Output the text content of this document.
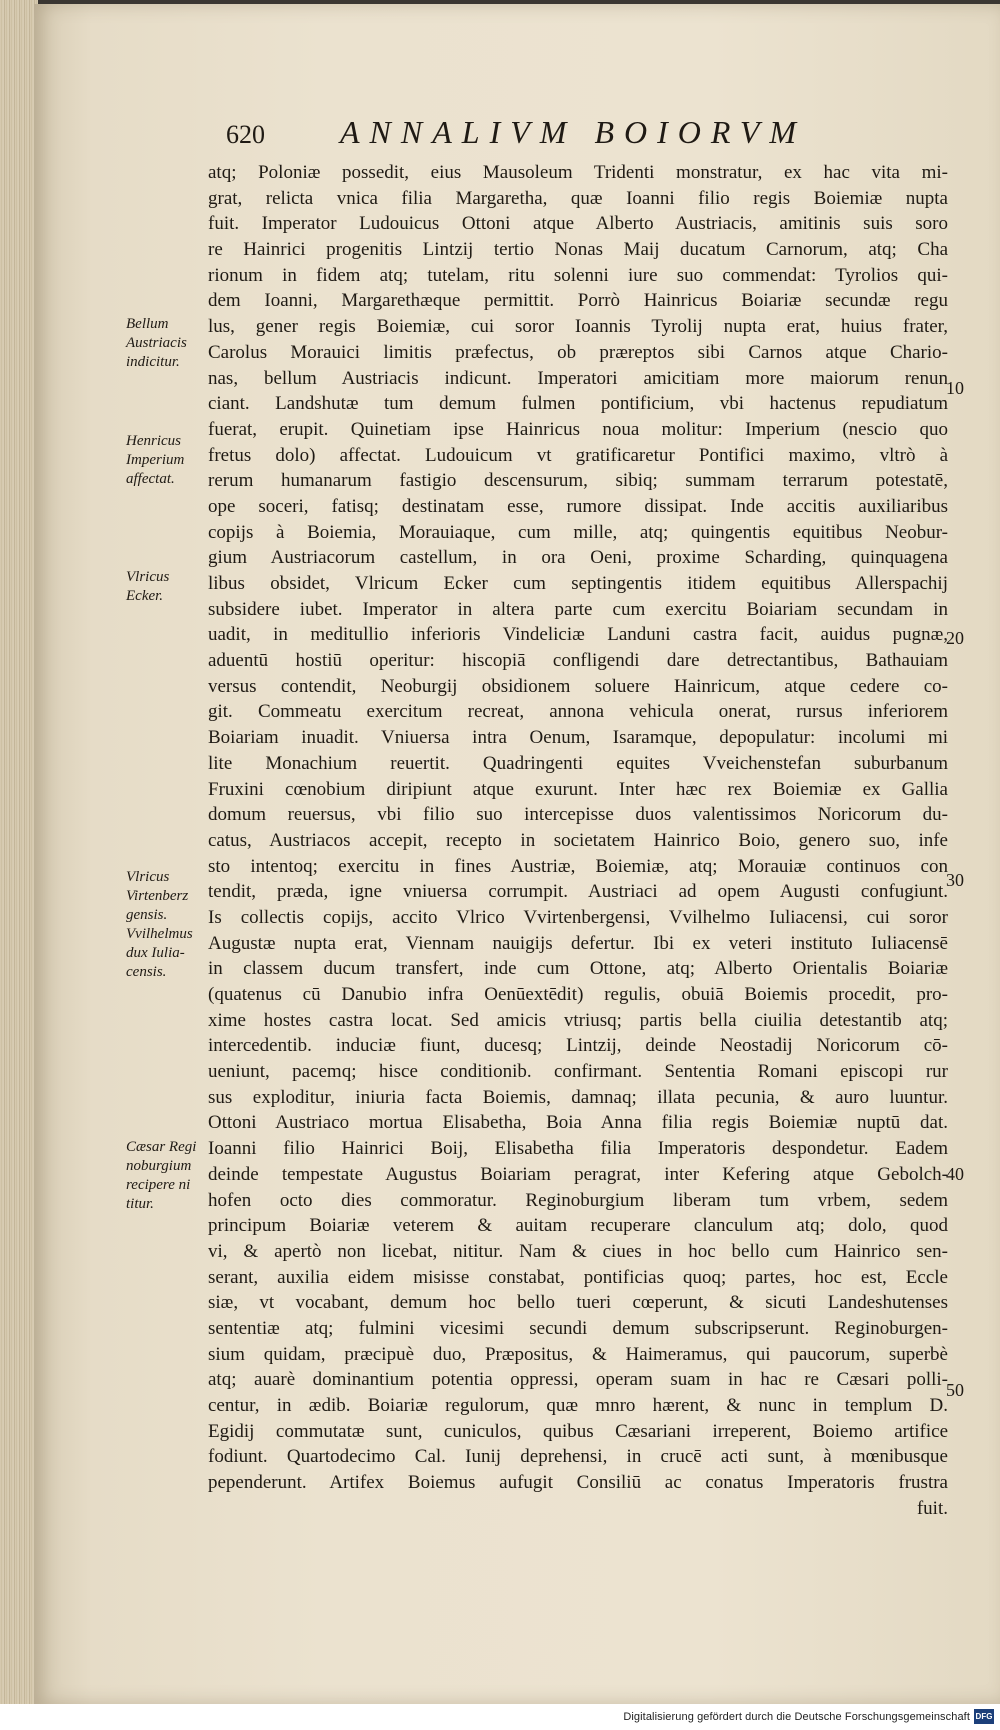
620 ANNALIVM BOIORVM
atq; Poloniæ possedit, eius Mausoleum Tridenti monstratur, ex hac vita mi-
grat, relicta vnica filia Margaretha, quæ Ioanni filio regis Boiemiæ nupta
fuit. Imperator Ludouicus Ottoni atque Alberto Austriacis, amitinis suis soro
re Hainrici progenitis Lintzij tertio Nonas Maij ducatum Carnorum, atq; Cha
rionum in fidem atq; tutelam, ritu solenni iure suo commendat: Tyrolios qui-
dem Ioanni, Margarethæque permittit. Porrò Hainricus Boiariæ secundæ regu
lus, gener regis Boiemiæ, cui soror Ioannis Tyrolij nupta erat, huius frater,
Carolus Morauici limitis præfectus, ob præreptos sibi Carnos atque Chario-
nas, bellum Austriacis indicunt. Imperatori amicitiam more maiorum renun
ciant. Landshutæ tum demum fulmen pontificium, vbi hactenus repudiatum
fuerat, erupit. Quinetiam ipse Hainricus noua molitur: Imperium (nescio quo
fretus dolo) affectat. Ludouicum vt gratificaretur Pontifici maximo, vltrò à
rerum humanarum fastigio descensurum, sibiq; summam terrarum potestatē,
ope soceri, fatisq; destinatam esse, rumore dissipat. Inde accitis auxiliaribus
copijs à Boiemia, Morauiaque, cum mille, atq; quingentis equitibus Neobur-
gium Austriacorum castellum, in ora Oeni, proxime Scharding, quinquagena
libus obsidet, Vlricum Ecker cum septingentis itidem equitibus Allerspachij
subsidere iubet. Imperator in altera parte cum exercitu Boiariam secundam in
uadit, in meditullio inferioris Vindeliciæ Landuni castra facit, auidus pugnæ,
aduentū hostiū operitur: hiscopiā confligendi dare detrectantibus, Bathauiam
versus contendit, Neoburgij obsidionem soluere Hainricum, atque cedere co-
git. Commeatu exercitum recreat, annona vehicula onerat, rursus inferiorem
Boiariam inuadit. Vniuersa intra Oenum, Isaramque, depopulatur: incolumi mi
lite Monachium reuertit. Quadringenti equites Vveichenstefan suburbanum
Fruxini cœnobium diripiunt atque exurunt. Inter hæc rex Boiemiæ ex Gallia
domum reuersus, vbi filio suo intercepisse duos valentissimos Noricorum du-
catus, Austriacos accepit, recepto in societatem Hainrico Boio, genero suo, infe
sto intentoq; exercitu in fines Austriæ, Boiemiæ, atq; Morauiæ continuos con
tendit, præda, igne vniuersa corrumpit. Austriaci ad opem Augusti confugiunt.
Is collectis copijs, accito Vlrico Vvirtenbergensi, Vvilhelmo Iuliacensi, cui soror
Augustæ nupta erat, Viennam nauigijs defertur. Ibi ex veteri instituto Iuliacensē
in classem ducum transfert, inde cum Ottone, atq; Alberto Orientalis Boiariæ
(quatenus cū Danubio infra Oenūextēdit) regulis, obuiā Boiemis procedit, pro-
xime hostes castra locat. Sed amicis vtriusq; partis bella ciuilia detestantib atq;
intercedentib. induciæ fiunt, ducesq; Lintzij, deinde Neostadij Noricorum cō-
ueniunt, pacemq; hisce conditionib. confirmant. Sententia Romani episcopi rur
sus exploditur, iniuria facta Boiemis, damnaq; illata pecunia, & auro luuntur.
Ottoni Austriaco mortua Elisabetha, Boia Anna filia regis Boiemiæ nuptū dat.
Ioanni filio Hainrici Boij, Elisabetha filia Imperatoris despondetur. Eadem
deinde tempestate Augustus Boiariam peragrat, inter Kefering atque Gebolch-
hofen octo dies commoratur. Reginoburgium liberam tum vrbem, sedem
principum Boiariæ veterem & auitam recuperare clanculum atq; dolo, quod
vi, & apertò non licebat, nititur. Nam & ciues in hoc bello cum Hainrico sen-
serant, auxilia eidem misisse constabat, pontificias quoq; partes, hoc est, Eccle
siæ, vt vocabant, demum hoc bello tueri cœperunt, & sicuti Landeshutenses
sententiæ atq; fulmini vicesimi secundi demum subscripserunt. Reginoburgen-
sium quidam, præcipuè duo, Præpositus, & Haimeramus, qui paucorum, superbè
atq; auarè dominantium potentia oppressi, operam suam in hac re Cæsari polli-
centur, in ædib. Boiariæ regulorum, quæ mnro hærent, & nunc in templum D.
Egidij commutatæ sunt, cuniculos, quibus Cæsariani irreperent, Boiemo artifice
fodiunt. Quartodecimo Cal. Iunij deprehensi, in crucē acti sunt, à mœnibusque
pependerunt. Artifex Boiemus aufugit Consiliū ac conatus Imperatoris frustra
fuit.
Bellum
Austriacis
indicitur.
Henricus
Imperium
affectat.
Vlricus
Ecker.
Vlricus
Virtenberz
gensis.
Vvilhelmus
dux Iulia-
censis.
Cæsar Regi
noburgium
recipere ni
titur.
10
20
30
40
50
Digitalisierung gefördert durch die Deutsche Forschungsgemeinschaft DFG
